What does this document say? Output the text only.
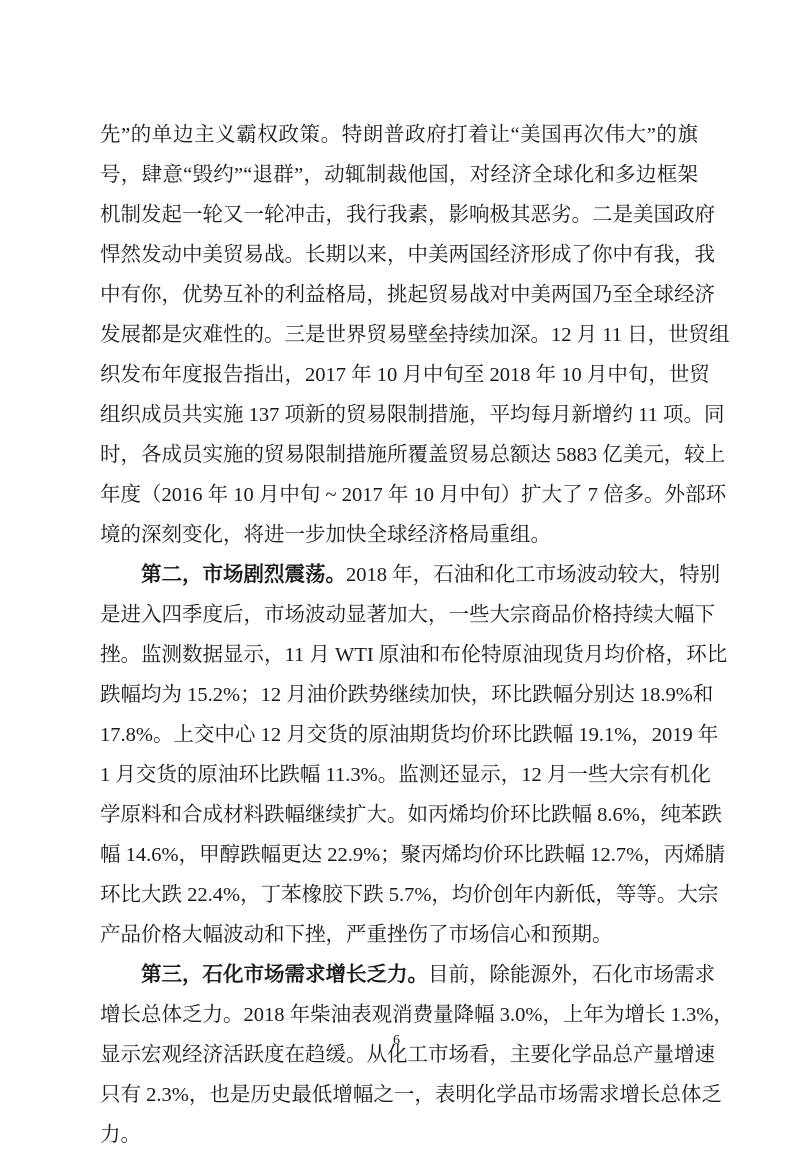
先”的单边主义霸权政策。特朗普政府打着让“美国再次伟大”的旗
号，肆意“毁约”“退群”，动辄制裁他国，对经济全球化和多边框架
机制发起一轮又一轮冲击，我行我素，影响极其恶劣。二是美国政府
悍然发动中美贸易战。长期以来，中美两国经济形成了你中有我，我
中有你，优势互补的利益格局，挑起贸易战对中美两国乃至全球经济
发展都是灾难性的。三是世界贸易壁垒持续加深。12 月 11 日，世贸组
织发布年度报告指出，2017 年 10 月中旬至 2018 年 10 月中旬，世贸
组织成员共实施 137 项新的贸易限制措施，平均每月新增约 11 项。同
时，各成员实施的贸易限制措施所覆盖贸易总额达 5883 亿美元，较上
年度（2016 年 10 月中旬 ~ 2017 年 10 月中旬）扩大了 7 倍多。外部环
境的深刻变化，将进一步加快全球经济格局重组。
第二，市场剧烈震荡。2018 年，石油和化工市场波动较大，特别
是进入四季度后，市场波动显著加大，一些大宗商品价格持续大幅下
挫。监测数据显示，11 月 WTI 原油和布伦特原油现货月均价格，环比
跌幅均为 15.2%；12 月油价跌势继续加快，环比跌幅分别达 18.9%和
17.8%。上交中心 12 月交货的原油期货均价环比跌幅 19.1%，2019 年
1 月交货的原油环比跌幅 11.3%。监测还显示，12 月一些大宗有机化
学原料和合成材料跌幅继续扩大。如丙烯均价环比跌幅 8.6%，纯苯跌
幅 14.6%，甲醇跌幅更达 22.9%；聚丙烯均价环比跌幅 12.7%，丙烯腈
环比大跌 22.4%，丁苯橡胶下跌 5.7%，均价创年内新低，等等。大宗
产品价格大幅波动和下挫，严重挫伤了市场信心和预期。
第三，石化市场需求增长乏力。目前，除能源外，石化市场需求
增长总体乏力。2018 年柴油表观消费量降幅 3.0%，上年为增长 1.3%，
显示宏观经济活跃度在趋缓。从化工市场看，主要化学品总产量增速
只有 2.3%，也是历史最低增幅之一，表明化学品市场需求增长总体乏
力。
6
